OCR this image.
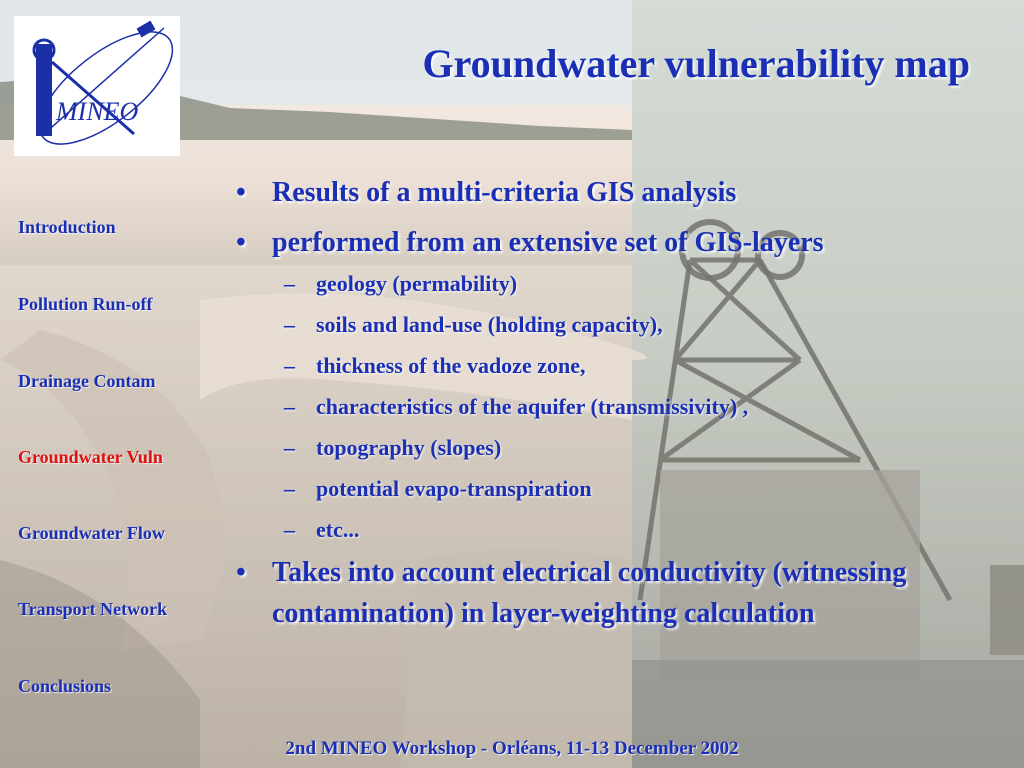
MINEO
Groundwater vulnerability map
Introduction
Pollution Run-off
Drainage Contam
Groundwater Vuln
Groundwater Flow
Transport Network
Conclusions
• Results of a multi-criteria GIS analysis
• performed from an extensive set of GIS-layers
– geology (permability)
– soils and land-use (holding capacity),
– thickness of the vadoze zone,
– characteristics of the aquifer (transmissivity) ,
– topography (slopes)
– potential evapo-transpiration
– etc...
• Takes into account electrical conductivity (witnessing contamination) in layer-weighting calculation
2nd MINEO Workshop - Orléans, 11-13 December 2002
